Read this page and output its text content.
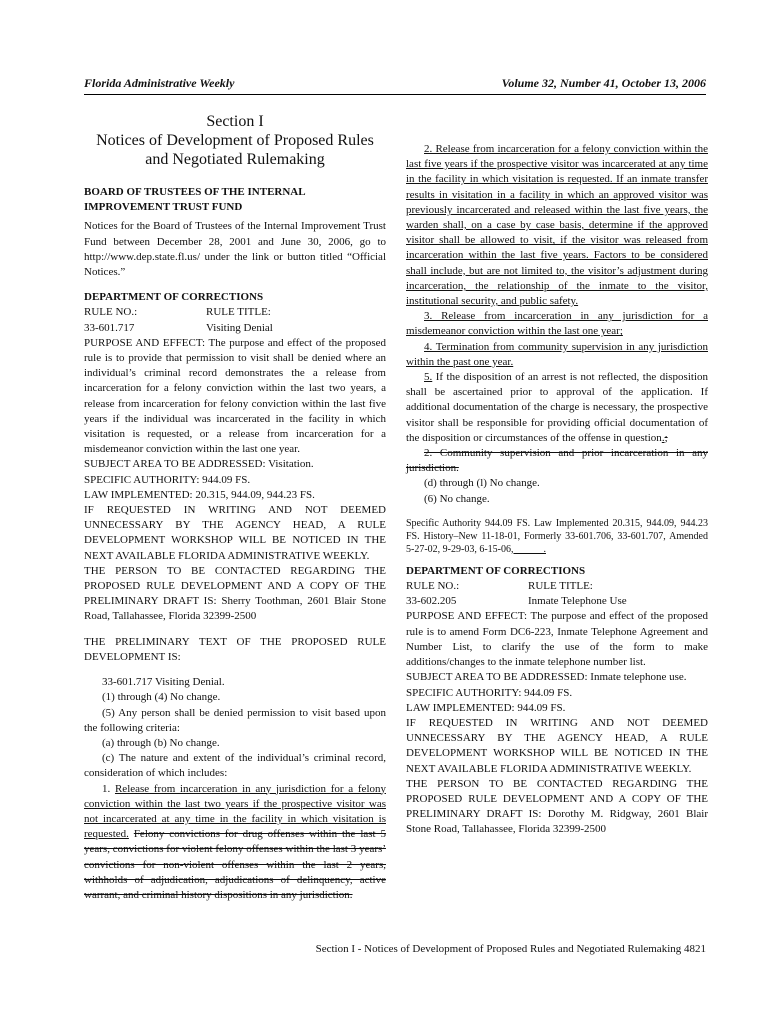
Florida Administrative Weekly	Volume 32, Number 41, October 13, 2006
Section I
Notices of Development of Proposed Rules
and Negotiated Rulemaking

BOARD OF TRUSTEES OF THE INTERNAL IMPROVEMENT TRUST FUND

Notices for the Board of Trustees of the Internal Improvement Trust Fund between December 28, 2001 and June 30, 2006, go to http://www.dep.state.fl.us/ under the link or button titled “Official Notices.”

DEPARTMENT OF CORRECTIONS

RULE NO.:	RULE TITLE:

33-601.717	Visiting Denial

PURPOSE AND EFFECT: The purpose and effect of the proposed rule is to provide that permission to visit shall be denied where an individual’s criminal record demonstrates the a release from incarceration for a felony conviction within the last two years, a release from incarceration for felony conviction within the last five years if the individual was incarcerated in the facility in which visitation is requested, or a release from incarceration for a misdemeanor conviction within the last one year.

SUBJECT AREA TO BE ADDRESSED: Visitation.

SPECIFIC AUTHORITY: 944.09 FS.

LAW IMPLEMENTED: 20.315, 944.09, 944.23 FS.

IF REQUESTED IN WRITING AND NOT DEEMED UNNECESSARY BY THE AGENCY HEAD, A RULE DEVELOPMENT WORKSHOP WILL BE NOTICED IN THE NEXT AVAILABLE FLORIDA ADMINISTRATIVE WEEKLY.

THE PERSON TO BE CONTACTED REGARDING THE PROPOSED RULE DEVELOPMENT AND A COPY OF THE PRELIMINARY DRAFT IS: Sherry Toothman, 2601 Blair Stone Road, Tallahassee, Florida 32399-2500

THE PRELIMINARY TEXT OF THE PROPOSED RULE DEVELOPMENT IS:

33-601.717 Visiting Denial.

(1) through (4) No change.

(5) Any person shall be denied permission to visit based upon the following criteria:

(a) through (b) No change.

(c) The nature and extent of the individual’s criminal record, consideration of which includes:

1. Release from incarceration in any jurisdiction for a felony conviction within the last two years if the prospective visitor was not incarcerated at any time in the facility in which visitation is requested. Felony convictions for drug offenses within the last 5 years, convictions for violent felony offenses within the last 3 years’ convictions for non-violent offenses within the last 2 years, withholds of adjudication, adjudications of delinquency, active warrant, and criminal history dispositions in any jurisdiction.

2. Release from incarceration for a felony conviction within the last five years if the prospective visitor was incarcerated at any time in the facility in which visitation is requested. If an inmate transfer results in visitation in a facility in which an approved visitor was previously incarcerated and released within the last five years, the warden shall, on a case by case basis, determine if the approved visitor shall be allowed to visit, if the visitor was released from incarceration within the last five years. Factors to be considered shall include, but are not limited to, the visitor’s adjustment during incarceration, the relationship of the inmate to the visitor, institutional security, and public safety.

3. Release from incarceration in any jurisdiction for a misdemeanor conviction within the last one year;

4. Termination from community supervision in any jurisdiction within the past one year.

5. If the disposition of an arrest is not reflected, the disposition shall be ascertained prior to approval of the application. If additional documentation of the charge is necessary, the prospective visitor shall be responsible for providing official documentation of the disposition or circumstances of the offense in question.;

2. Community supervision and prior incarceration in any jurisdiction.

(d) through (l) No change.

(6) No change.

Specific Authority 944.09 FS. Law Implemented 20.315, 944.09, 944.23 FS. History–New 11-18-01, Formerly 33-601.706, 33-601.707, Amended 5-27-02, 9-29-03, 6-15-06,______.

DEPARTMENT OF CORRECTIONS

RULE NO.:	RULE TITLE:

33-602.205	Inmate Telephone Use

PURPOSE AND EFFECT: The purpose and effect of the proposed rule is to amend Form DC6-223, Inmate Telephone Agreement and Number List, to clarify the use of the form to make additions/changes to the inmate telephone number list.

SUBJECT AREA TO BE ADDRESSED: Inmate telephone use.

SPECIFIC AUTHORITY: 944.09 FS.

LAW IMPLEMENTED: 944.09 FS.

IF REQUESTED IN WRITING AND NOT DEEMED UNNECESSARY BY THE AGENCY HEAD, A RULE DEVELOPMENT WORKSHOP WILL BE NOTICED IN THE NEXT AVAILABLE FLORIDA ADMINISTRATIVE WEEKLY.

THE PERSON TO BE CONTACTED REGARDING THE PROPOSED RULE DEVELOPMENT AND A COPY OF THE PRELIMINARY DRAFT IS: Dorothy M. Ridgway, 2601 Blair Stone Road, Tallahassee, Florida 32399-2500

Section I - Notices of Development of Proposed Rules and Negotiated Rulemaking 4821
